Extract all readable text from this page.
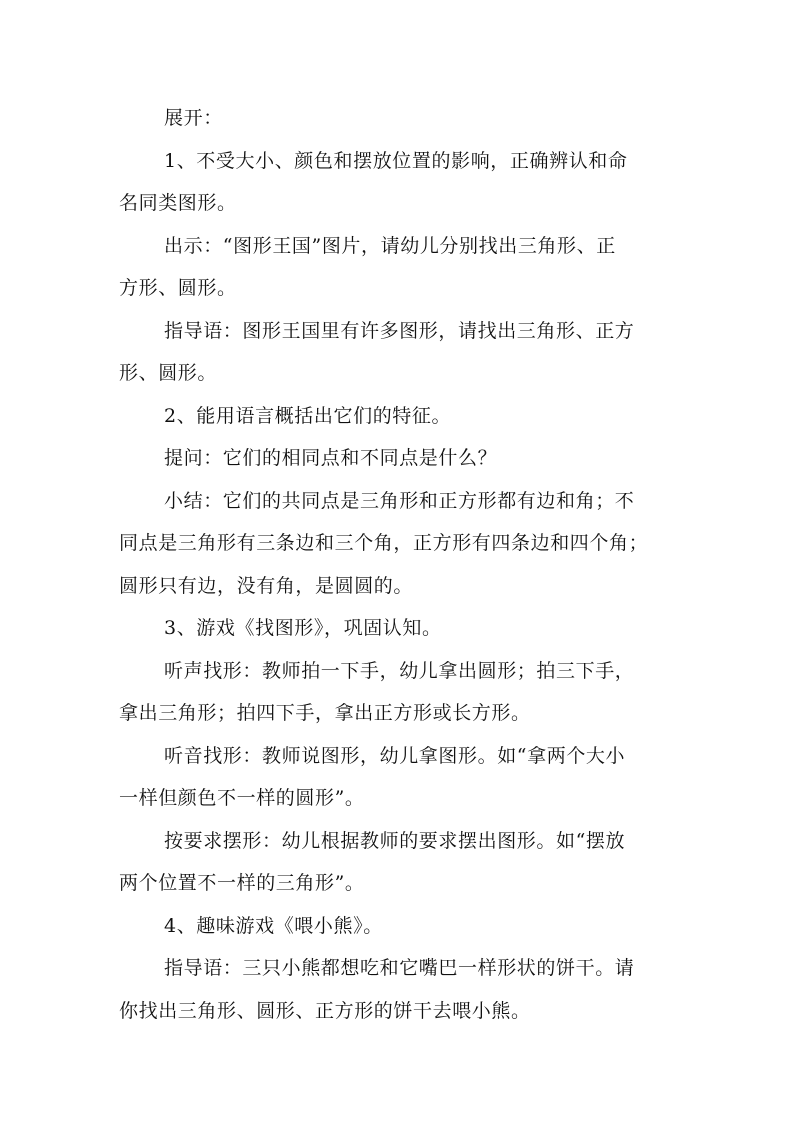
展开：

1、不受大小、颜色和摆放位置的影响，正确辨认和命

名同类图形。

出示：“图形王国”图片，请幼儿分别找出三角形、正

方形、圆形。

指导语：图形王国里有许多图形，请找出三角形、正方

形、圆形。

2、能用语言概括出它们的特征。

提问：它们的相同点和不同点是什么？

小结：它们的共同点是三角形和正方形都有边和角；不

同点是三角形有三条边和三个角，正方形有四条边和四个角；

圆形只有边，没有角，是圆圆的。

3、游戏《找图形》，巩固认知。

听声找形：教师拍一下手，幼儿拿出圆形；拍三下手，

拿出三角形；拍四下手，拿出正方形或长方形。

听音找形：教师说图形，幼儿拿图形。如“拿两个大小

一样但颜色不一样的圆形”。

按要求摆形：幼儿根据教师的要求摆出图形。如“摆放

两个位置不一样的三角形”。

4、趣味游戏《喂小熊》。

指导语：三只小熊都想吃和它嘴巴一样形状的饼干。请

你找出三角形、圆形、正方形的饼干去喂小熊。
